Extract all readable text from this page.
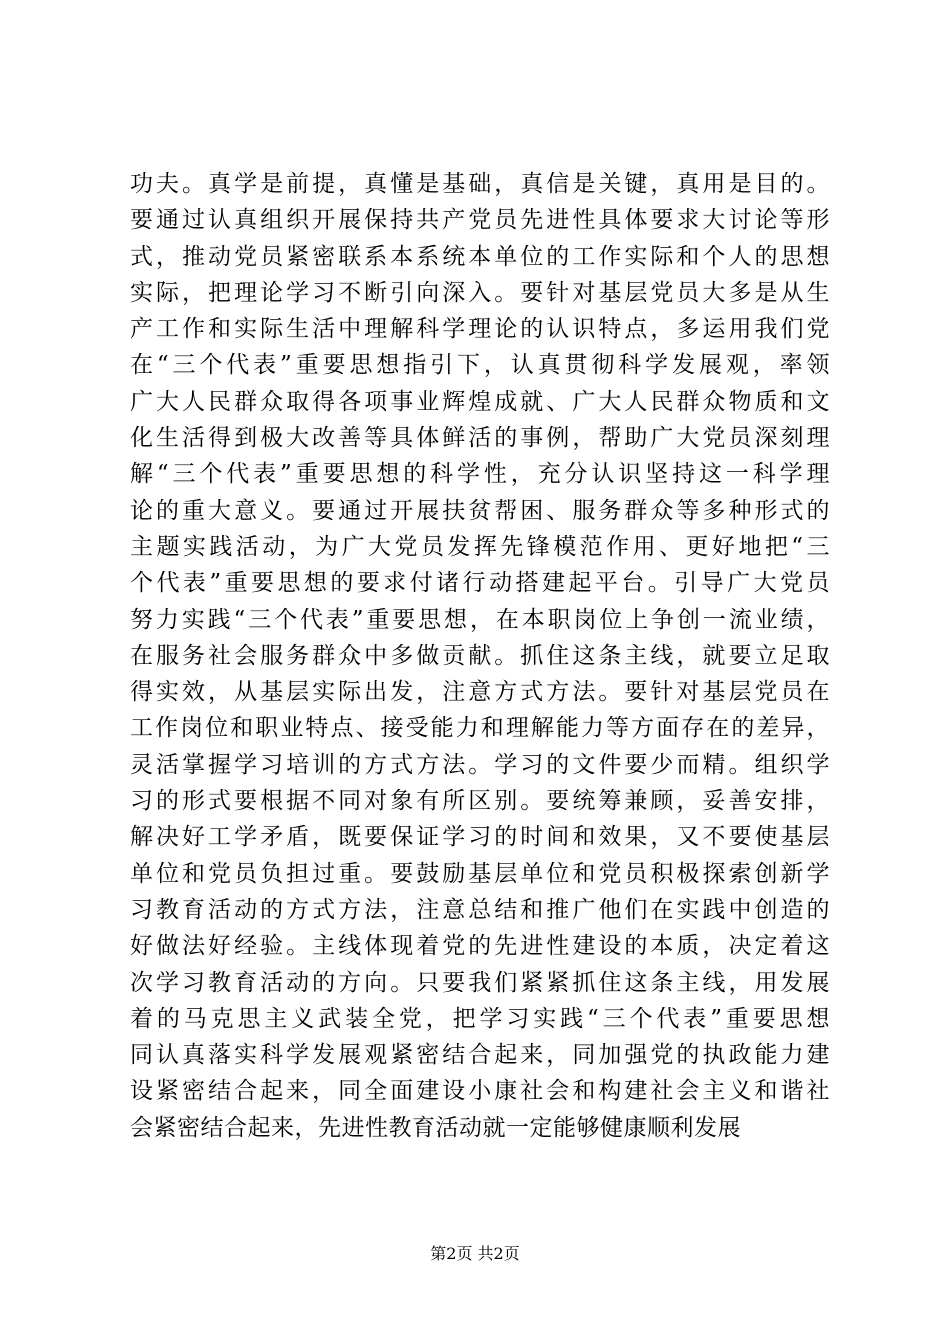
功夫。真学是前提，真懂是基础，真信是关键，真用是目的。
要通过认真组织开展保持共产党员先进性具体要求大讨论等形
式，推动党员紧密联系本系统本单位的工作实际和个人的思想
实际，把理论学习不断引向深入。要针对基层党员大多是从生
产工作和实际生活中理解科学理论的认识特点，多运用我们党
在“三个代表”重要思想指引下，认真贯彻科学发展观，率领
广大人民群众取得各项事业辉煌成就、广大人民群众物质和文
化生活得到极大改善等具体鲜活的事例，帮助广大党员深刻理
解“三个代表”重要思想的科学性，充分认识坚持这一科学理
论的重大意义。要通过开展扶贫帮困、服务群众等多种形式的
主题实践活动，为广大党员发挥先锋模范作用、更好地把“三
个代表”重要思想的要求付诸行动搭建起平台。引导广大党员
努力实践“三个代表”重要思想，在本职岗位上争创一流业绩，
在服务社会服务群众中多做贡献。抓住这条主线，就要立足取
得实效，从基层实际出发，注意方式方法。要针对基层党员在
工作岗位和职业特点、接受能力和理解能力等方面存在的差异，
灵活掌握学习培训的方式方法。学习的文件要少而精。组织学
习的形式要根据不同对象有所区别。要统筹兼顾，妥善安排，
解决好工学矛盾，既要保证学习的时间和效果，又不要使基层
单位和党员负担过重。要鼓励基层单位和党员积极探索创新学
习教育活动的方式方法，注意总结和推广他们在实践中创造的
好做法好经验。主线体现着党的先进性建设的本质，决定着这
次学习教育活动的方向。只要我们紧紧抓住这条主线，用发展
着的马克思主义武装全党，把学习实践“三个代表”重要思想
同认真落实科学发展观紧密结合起来，同加强党的执政能力建
设紧密结合起来，同全面建设小康社会和构建社会主义和谐社
会紧密结合起来，先进性教育活动就一定能够健康顺利发展
第2页 共2页
